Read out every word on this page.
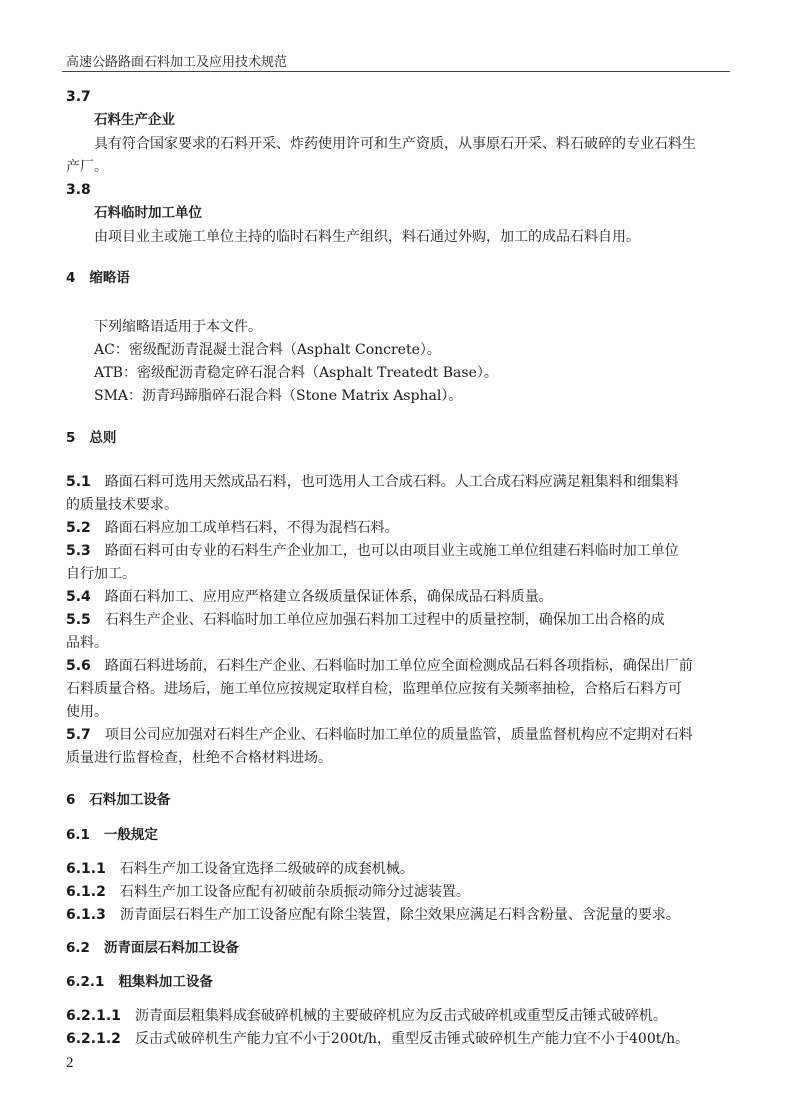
高速公路路面石料加工及应用技术规范
3.7
石料生产企业
具有符合国家要求的石料开采、炸药使用许可和生产资质，从事原石开采、料石破碎的专业石料生
产厂。
3.8
石料临时加工单位
由项目业主或施工单位主持的临时石料生产组织，料石通过外购，加工的成品石料自用。
4 缩略语
下列缩略语适用于本文件。
AC：密级配沥青混凝土混合料（Asphalt Concrete）。
ATB：密级配沥青稳定碎石混合料（Asphalt Treatedt Base）。
SMA：沥青玛蹄脂碎石混合料（Stone Matrix Asphal）。
5 总则
5.1 路面石料可选用天然成品石料，也可选用人工合成石料。人工合成石料应满足粗集料和细集料
的质量技术要求。
5.2 路面石料应加工成单档石料，不得为混档石料。
5.3 路面石料可由专业的石料生产企业加工，也可以由项目业主或施工单位组建石料临时加工单位
自行加工。
5.4 路面石料加工、应用应严格建立各级质量保证体系，确保成品石料质量。
5.5 石料生产企业、石料临时加工单位应加强石料加工过程中的质量控制，确保加工出合格的成
品料。
5.6 路面石料进场前，石料生产企业、石料临时加工单位应全面检测成品石料各项指标，确保出厂前
石料质量合格。进场后，施工单位应按规定取样自检，监理单位应按有关频率抽检，合格后石料方可
使用。
5.7 项目公司应加强对石料生产企业、石料临时加工单位的质量监管，质量监督机构应不定期对石料
质量进行监督检查，杜绝不合格材料进场。
6 石料加工设备
6.1 一般规定
6.1.1 石料生产加工设备宜选择二级破碎的成套机械。
6.1.2 石料生产加工设备应配有初破前杂质振动筛分过滤装置。
6.1.3 沥青面层石料生产加工设备应配有除尘装置，除尘效果应满足石料含粉量、含泥量的要求。
6.2 沥青面层石料加工设备
6.2.1 粗集料加工设备
6.2.1.1 沥青面层粗集料成套破碎机械的主要破碎机应为反击式破碎机或重型反击锤式破碎机。
6.2.1.2 反击式破碎机生产能力宜不小于200t/h，重型反击锤式破碎机生产能力宜不小于400t/h。
2
